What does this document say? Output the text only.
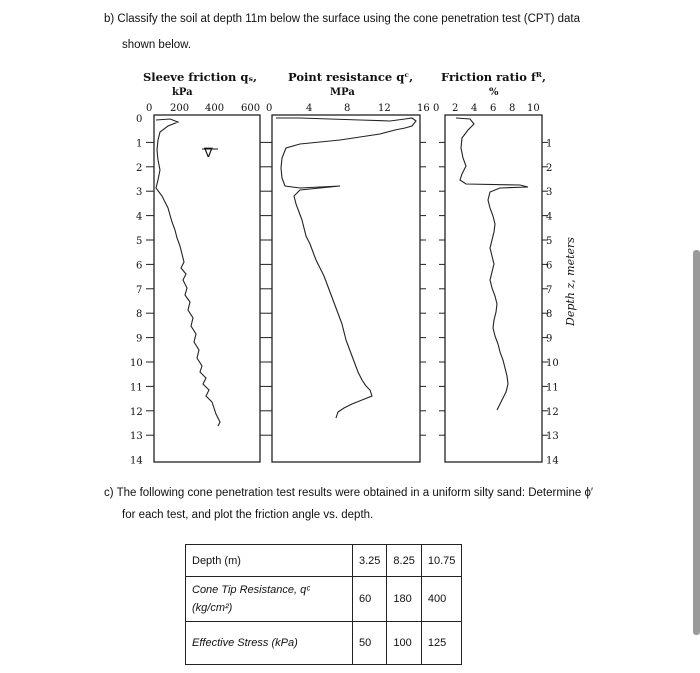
b) Classify the soil at depth 11m below the surface using the cone penetration test (CPT) data
shown below.
Sleeve friction qₛ,
kPa
Point resistance qᶜ,
MPa
Friction ratio fᴿ,
%
0 200 400 600 0	4	8	12	16 0 2 4 6 8 10
0
1
2
3
4
5
6
7
8
9
10
11
12
13
14
1
2
3
4
5
6
7
8
9
10
11
12
13
14
∇
Depth z, meters
c) The following cone penetration test results were obtained in a uniform silty sand: Determine ϕ′
for each test, and plot the friction angle vs. depth.
Depth (m)	3.25	8.25	10.75

Cone Tip Resistance, qᶜ
(kg/cm²)	60	180	400
Effective Stress (kPa)	50	100	125
